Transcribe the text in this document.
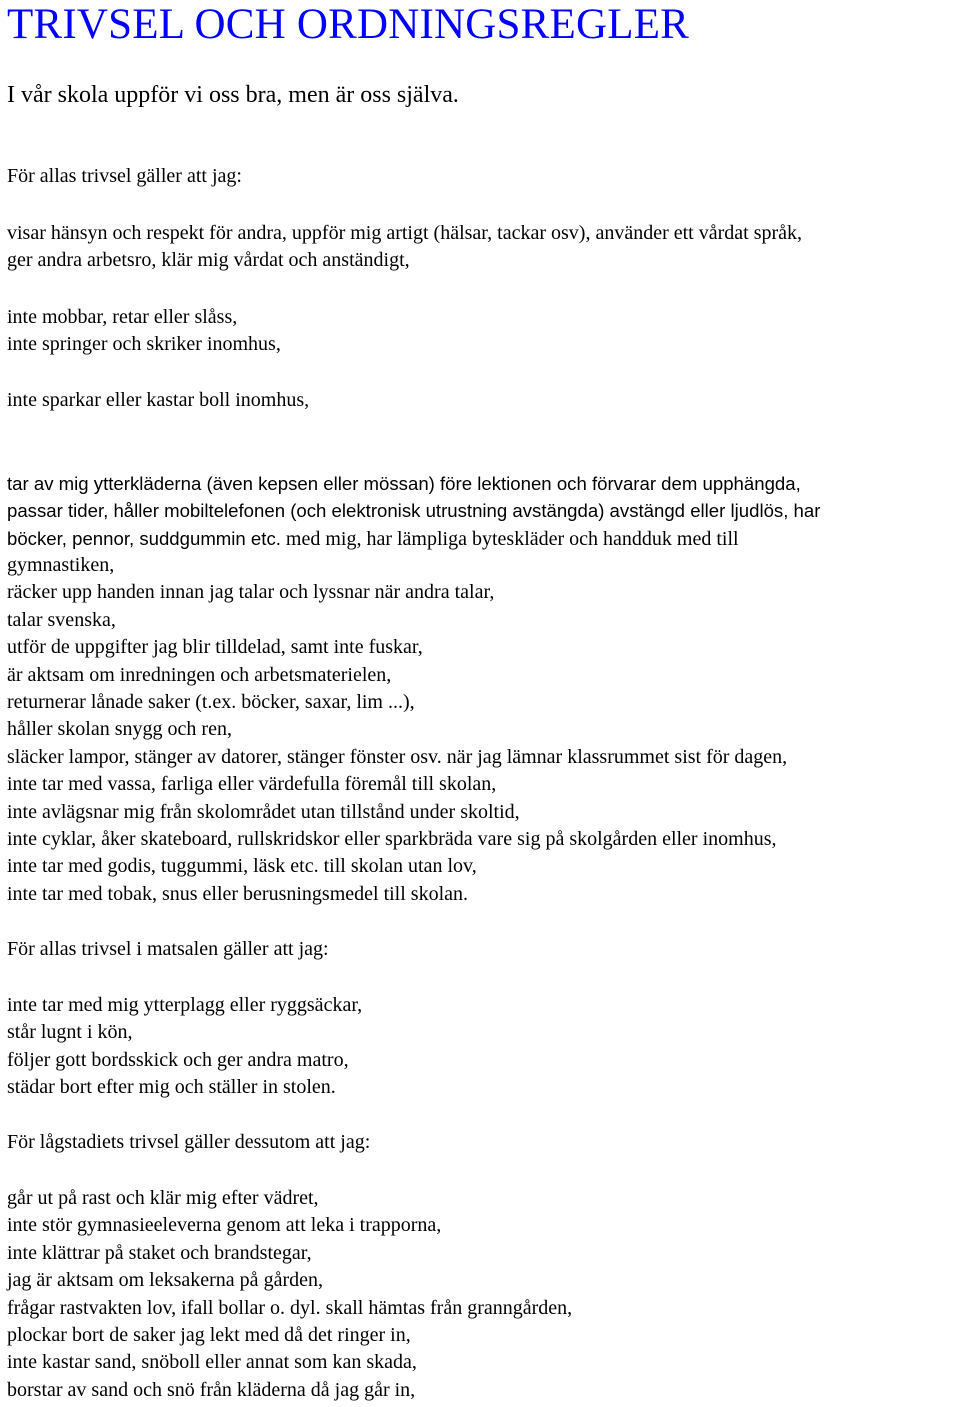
TRIVSEL OCH ORDNINGSREGLER

I vår skola uppför vi oss bra, men är oss själva.

För allas trivsel gäller att jag:

visar hänsyn och respekt för andra, uppför mig artigt (hälsar, tackar osv), använder ett vårdat språk,
ger andra arbetsro, klär mig vårdat och anständigt,

inte mobbar, retar eller slåss,
inte springer och skriker inomhus,

inte sparkar eller kastar boll inomhus,

tar av mig ytterkläderna (även kepsen eller mössan) före lektionen och förvarar dem upphängda,
passar tider, håller mobiltelefonen (och elektronisk utrustning avstängda) avstängd eller ljudlös, har
böcker, pennor, suddgummin etc. med mig, har lämpliga byteskläder och handduk med till

gymnastiken,
räcker upp handen innan jag talar och lyssnar när andra talar,
talar svenska,
utför de uppgifter jag blir tilldelad, samt inte fuskar,
är aktsam om inredningen och arbetsmaterielen,
returnerar lånade saker (t.ex. böcker, saxar, lim ...),
håller skolan snygg och ren,
släcker lampor, stänger av datorer, stänger fönster osv. när jag lämnar klassrummet sist för dagen,
inte tar med vassa, farliga eller värdefulla föremål till skolan,
inte avlägsnar mig från skolområdet utan tillstånd under skoltid,
inte cyklar, åker skateboard, rullskridskor eller sparkbräda vare sig på skolgården eller inomhus,
inte tar med godis, tuggummi, läsk etc. till skolan utan lov,
inte tar med tobak, snus eller berusningsmedel till skolan.

För allas trivsel i matsalen gäller att jag:

inte tar med mig ytterplagg eller ryggsäckar,
står lugnt i kön,
följer gott bordsskick och ger andra matro,
städar bort efter mig och ställer in stolen.

För lågstadiets trivsel gäller dessutom att jag:

går ut på rast och klär mig efter vädret,
inte stör gymnasieeleverna genom att leka i trapporna,
inte klättrar på staket och brandstegar,
jag är aktsam om leksakerna på gården,
frågar rastvakten lov, ifall bollar o. dyl. skall hämtas från granngården,
plockar bort de saker jag lekt med då det ringer in,
inte kastar sand, snöboll eller annat som kan skada,
borstar av sand och snö från kläderna då jag går in,
